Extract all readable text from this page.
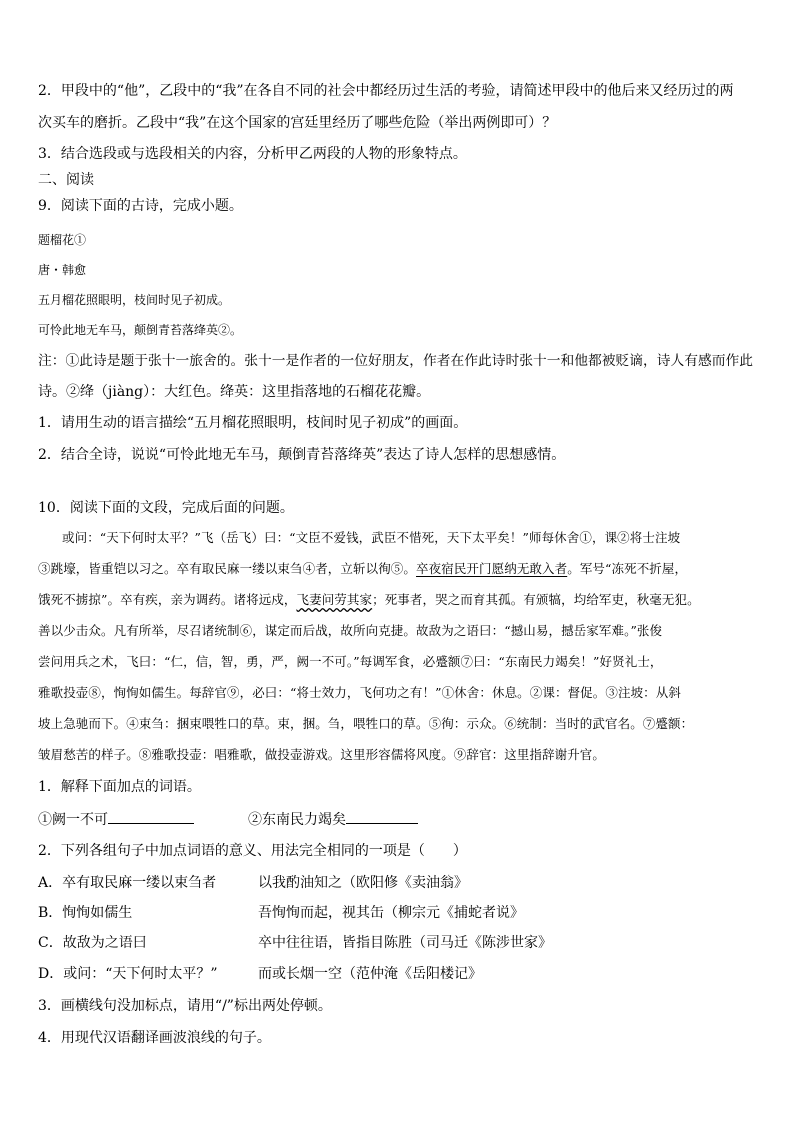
2．甲段中的“他”，乙段中的“我”在各自不同的社会中都经历过生活的考验，请简述甲段中的他后来又经历过的两
次买车的磨折。乙段中“我”在这个国家的宫廷里经历了哪些危险（举出两例即可）？
3．结合选段或与选段相关的内容，分析甲乙两段的人物的形象特点。
二、阅读
9．阅读下面的古诗，完成小题。
题榴花①
唐・韩愈
五月榴花照眼明，枝间时见子初成。
可怜此地无车马，颠倒青苔落绛英②。
注：①此诗是题于张十一旅舍的。张十一是作者的一位好朋友，作者在作此诗时张十一和他都被贬谪，诗人有感而作此
诗。②绛（jiàng）：大红色。绛英：这里指落地的石榴花花瓣。
1．请用生动的语言描绘“五月榴花照眼明，枝间时见子初成”的画面。
2．结合全诗，说说“可怜此地无车马，颠倒青苔落绛英”表达了诗人怎样的思想感情。
10．阅读下面的文段，完成后面的问题。
或问：“天下何时太平？”飞（岳飞）曰：“文臣不爱钱，武臣不惜死，天下太平矣！”师每休舍①，课②将士注坡
③跳壕，皆重铠以习之。卒有取民麻一缕以束刍④者，立斩以徇⑤。卒夜宿民开门愿纳无敢入者。军号“冻死不折屋，
饿死不掳掠”。卒有疾，亲为调药。诸将远戍，飞妻问劳其家；死事者，哭之而育其孤。有颁犒，均给军吏，秋毫无犯。
善以少击众。凡有所举，尽召诸统制⑥，谋定而后战，故所向克捷。故敌为之语曰：“撼山易，撼岳家军难。”张俊
尝问用兵之术，飞曰：“仁，信，智，勇，严，阙一不可。”每调军食，必蹙额⑦曰：“东南民力竭矣！”好贤礼士，
雅歌投壶⑧，恂恂如儒生。每辞官⑨，必曰：“将士效力，飞何功之有！”①休舍：休息。②课：督促。③注坡：从斜
坡上急驰而下。④束刍：捆束喂牲口的草。束，捆。刍，喂牲口的草。⑤徇：示众。⑥统制：当时的武官名。⑦蹙额：
皱眉愁苦的样子。⑧雅歌投壶：唱雅歌，做投壶游戏。这里形容儒将风度。⑨辞官：这里指辞谢升官。
1．解释下面加点的词语。
①阙一不可	②东南民力竭矣
2．下列各组句子中加点词语的意义、用法完全相同的一项是（　　）
A．卒有取民麻一缕以束刍者	以我酌油知之（欧阳修《卖油翁》
B．恂恂如儒生	吾恂恂而起，视其缶（柳宗元《捕蛇者说》
C．故敌为之语曰	卒中往往语，皆指目陈胜（司马迁《陈涉世家》
D．或问：“天下何时太平？”	而或长烟一空（范仲淹《岳阳楼记》
3．画横线句没加标点，请用“/”标出两处停顿。
4．用现代汉语翻译画波浪线的句子。
